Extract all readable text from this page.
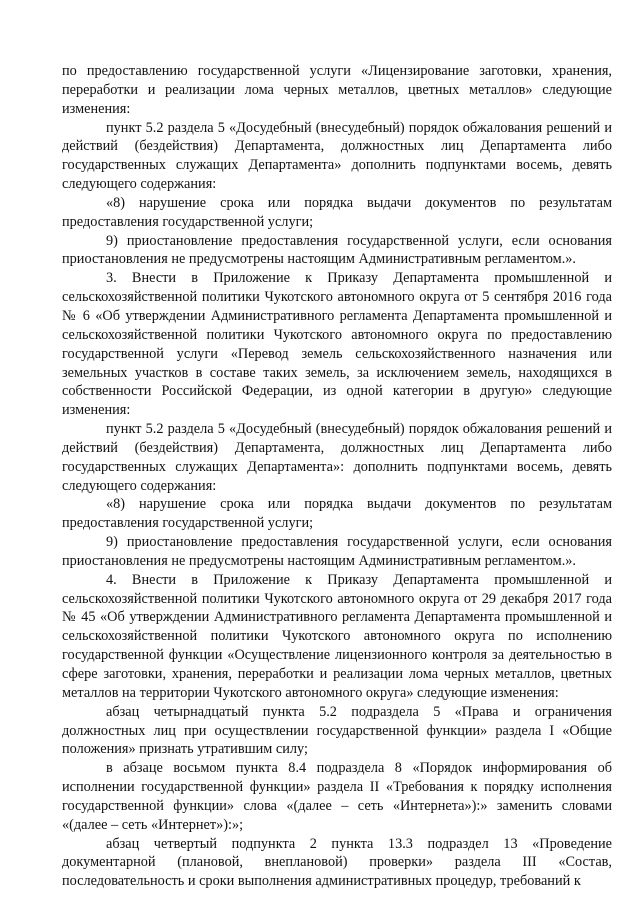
по предоставлению государственной услуги «Лицензирование заготовки, хранения, переработки и реализации лома черных металлов, цветных металлов» следующие изменения:

пункт 5.2 раздела 5 «Досудебный (внесудебный) порядок обжалования решений и действий (бездействия) Департамента, должностных лиц Департамента либо государственных служащих Департамента» дополнить подпунктами восемь, девять следующего содержания:

«8) нарушение срока или порядка выдачи документов по результатам предоставления государственной услуги;

9) приостановление предоставления государственной услуги, если основания приостановления не предусмотрены настоящим Административным регламентом.».

3. Внести в Приложение к Приказу Департамента промышленной и сельскохозяйственной политики Чукотского автономного округа от 5 сентября 2016 года № 6 «Об утверждении Административного регламента Департамента промышленной и сельскохозяйственной политики Чукотского автономного округа по предоставлению государственной услуги «Перевод земель сельскохозяйственного назначения или земельных участков в составе таких земель, за исключением земель, находящихся в собственности Российской Федерации, из одной категории в другую» следующие изменения:

пункт 5.2 раздела 5 «Досудебный (внесудебный) порядок обжалования решений и действий (бездействия) Департамента, должностных лиц Департамента либо государственных служащих Департамента»: дополнить подпунктами восемь, девять следующего содержания:

«8) нарушение срока или порядка выдачи документов по результатам предоставления государственной услуги;

9) приостановление предоставления государственной услуги, если основания приостановления не предусмотрены настоящим Административным регламентом.».

4. Внести в Приложение к Приказу Департамента промышленной и сельскохозяйственной политики Чукотского автономного округа от 29 декабря 2017 года № 45 «Об утверждении Административного регламента Департамента промышленной и сельскохозяйственной политики Чукотского автономного округа по исполнению государственной функции «Осуществление лицензионного контроля за деятельностью в сфере заготовки, хранения, переработки и реализации лома черных металлов, цветных металлов на территории Чукотского автономного округа» следующие изменения:

абзац четырнадцатый пункта 5.2 подраздела 5 «Права и ограничения должностных лиц при осуществлении государственной функции» раздела I «Общие положения» признать утратившим силу;

в абзаце восьмом пункта 8.4 подраздела 8 «Порядок информирования об исполнении государственной функции» раздела II «Требования к порядку исполнения государственной функции» слова «(далее – сеть «Интернета»):» заменить словами «(далее – сеть «Интернет»):»;

абзац четвертый подпункта 2 пункта 13.3 подраздел 13 «Проведение документарной (плановой, внеплановой) проверки» раздела III «Состав, последовательность и сроки выполнения административных процедур, требований к
